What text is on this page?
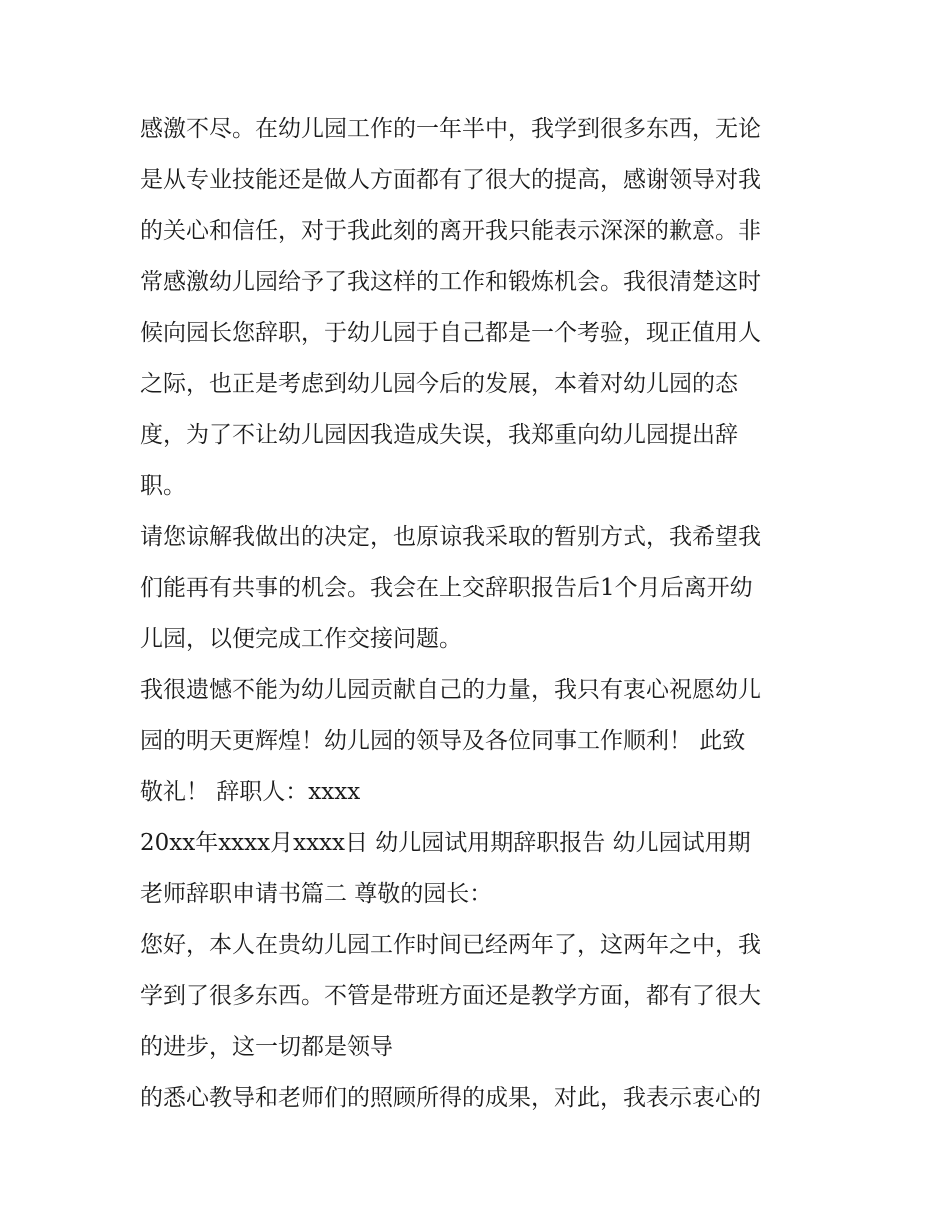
感激不尽。在幼儿园工作的一年半中，我学到很多东西，无论
是从专业技能还是做人方面都有了很大的提高，感谢领导对我
的关心和信任，对于我此刻的离开我只能表示深深的歉意。非
常感激幼儿园给予了我这样的工作和锻炼机会。我很清楚这时
候向园长您辞职，于幼儿园于自己都是一个考验，现正值用人
之际，也正是考虑到幼儿园今后的发展，本着对幼儿园的态
度，为了不让幼儿园因我造成失误，我郑重向幼儿园提出辞
职。
请您谅解我做出的决定，也原谅我采取的暂别方式，我希望我
们能再有共事的机会。我会在上交辞职报告后1个月后离开幼
儿园，以便完成工作交接问题。
我很遗憾不能为幼儿园贡献自己的力量，我只有衷心祝愿幼儿
园的明天更辉煌！幼儿园的领导及各位同事工作顺利！ 此致
敬礼！ 辞职人：xxxx
20xx年xxxx月xxxx日 幼儿园试用期辞职报告 幼儿园试用期
老师辞职申请书篇二 尊敬的园长：
您好，本人在贵幼儿园工作时间已经两年了，这两年之中，我
学到了很多东西。不管是带班方面还是教学方面，都有了很大
的进步，这一切都是领导
的悉心教导和老师们的照顾所得的成果，对此，我表示衷心的
